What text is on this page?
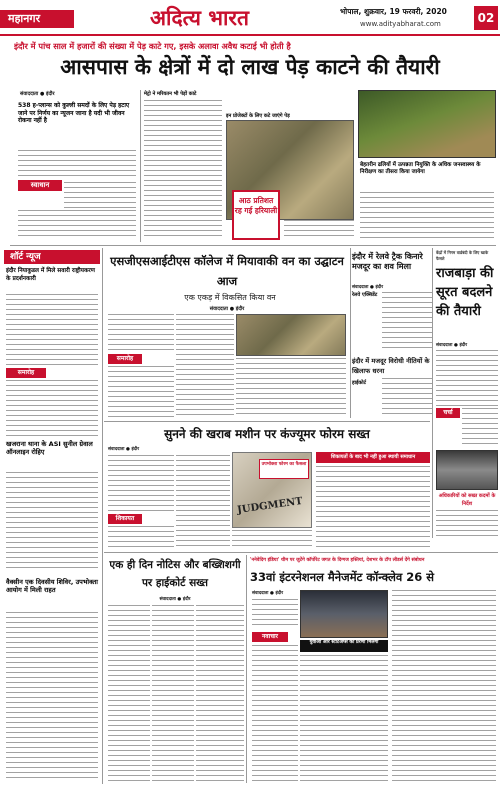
महानगर	अदित्य भारत	भोपाल, शुक्रवार, 19 फरवरी, 2020
www.adityabharat.com	02
इंदौर में पांच साल में हजारों की संख्या में पेड़ काटे गए, इसके अलावा अवैध कटाई भी होती है
आसपास के क्षेत्रों में दो लाख पेड़ काटने की तैयारी
संवाददाता ● इंदौर
538 ह-प्लान्स को कुल्ली समदों के लिए पेड़ हटाए जाने पर निर्णय का न्यूजन जाना है यदी भी जीवन रोकना नहीं है
स्वाधान
मेट्रो ने मरियतन भी पेड़ों काटे
इन प्रोजेक्टों के लिए कटे जाएंगे पेड़
आठ प्रतिशत रह गई हरियाली
बेहतरीन ढलियों में उत्पन्नता नियुक्ति के अधिक जनस्वास्थ्य के निरीक्षण का तीसरा किया जायेगा
शॉर्ट न्यूज
इंदौर नियाकुडल में मिले सवारी राष्ट्रीयकरण के प्रदर्शनकारी
समारोह
खजराना थाना के ASI सुनील ग्रेवाल ऑनलाइन रोहिए
वैक्सीन एक दिवसीय शिविर, उपभोक्ता आयोग में मिली राहत
एसजीएसआईटीएस कॉलेज में मियावाकी वन का उद्घाटन आज
एक एकड़ में विकसित किया वन
संवाददाता ● इंदौर
समारोह
इंदौर में रेलवे ट्रैक किनारे मजदूर का शव मिला
संवाददाता ● इंदौर
रेलवे एक्सिडेंट
इंदौर में मजदूर विरोधी नीतियों के खिलाफ धरना
हाईकोर्ट
केंद्रों में निगम वार्डबंदी के लिए खाके फैसले
राजबाड़ा की सूरत बदलने की तैयारी
संवाददाता ● इंदौर
चर्चा
अधिकारियों को सख्त कदमों के निर्देश
सुनने की खराब मशीन पर कंज्यूमर फोरम सख्त
संवाददाता ● इंदौर
शिकायत
उपभोक्ता फोरम का फैसला
JUDGMENT
शिकायतों के बाद भी नहीं हुआ स्थायी समाधान
एक ही दिन नोटिस और बख्शिशगी पर हाईकोर्ट सख्त
संवाददाता ● इंदौर
'ननेवेदिग इंडिया' थीम पर जुटेंगे कॉर्पोरेट जगत के दिग्गज हस्तियां, देशभर के टॉप लीडर्स देंगे संबोधन
33वां इंटरनेशनल मैनेजमेंट कॉन्क्लेव 26 से
संवाददाता ● इंदौर
नवाचार
युवाओं और स्टार्टअप्स को प्रेरणा मिलेगी
